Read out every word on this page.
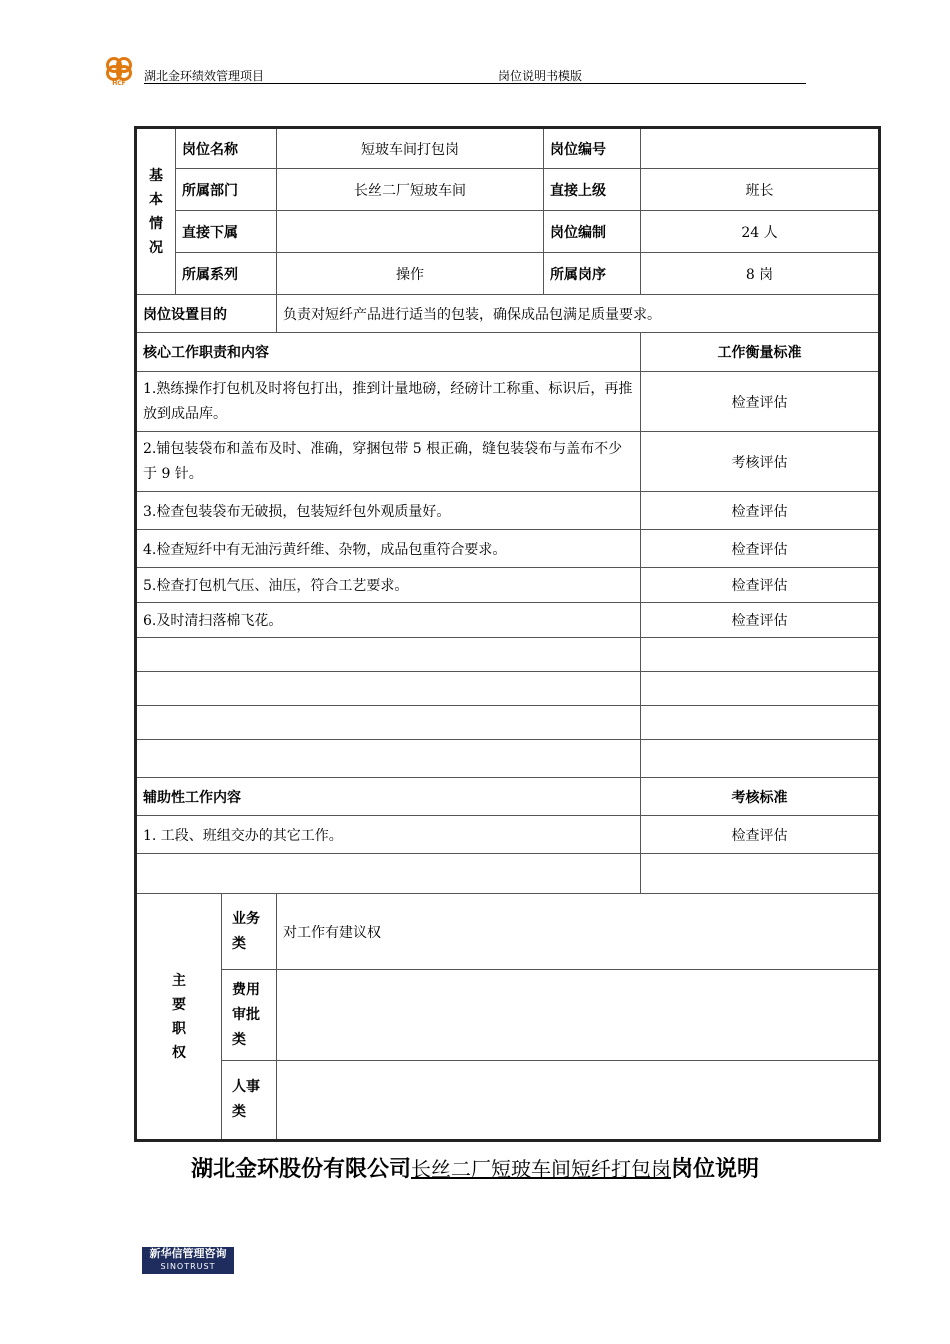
HCF
湖北金环绩效管理项目	岗位说明书模版
基
本
情
况	岗位名称		短玻车间打包岗	岗位编号	
	所属部门		长丝二厂短玻车间	直接上级	班长
	直接下属			岗位编制	24 人
	所属系列		操作	所属岗序	8 岗
岗位设置目的			负责对短纤产品进行适当的包装，确保成品包满足质量要求。		
核心工作职责和内容					工作衡量标准
1.熟练操作打包机及时将包打出，推到计量地磅，经磅计工称重、标识后，再推放到成品库。					检查评估
2.铺包装袋布和盖布及时、准确，穿捆包带 5 根正确，缝包装袋布与盖布不少于 9 针。					考核评估
3.检查包装袋布无破损，包装短纤包外观质量好。					检查评估
4.检查短纤中有无油污黄纤维、杂物，成品包重符合要求。					检查评估
5.检查打包机气压、油压，符合工艺要求。					检查评估
6.及时清扫落棉飞花。					检查评估

辅助性工作内容					考核标准
1. 工段、班组交办的其它工作。					检查评估

主
要
职
权		业务类	对工作有建议权		
		费用审批类			
		人事类			
湖北金环股份有限公司长丝二厂短玻车间短纤打包岗岗位说明
新华信管理咨询
SINOTRUST
